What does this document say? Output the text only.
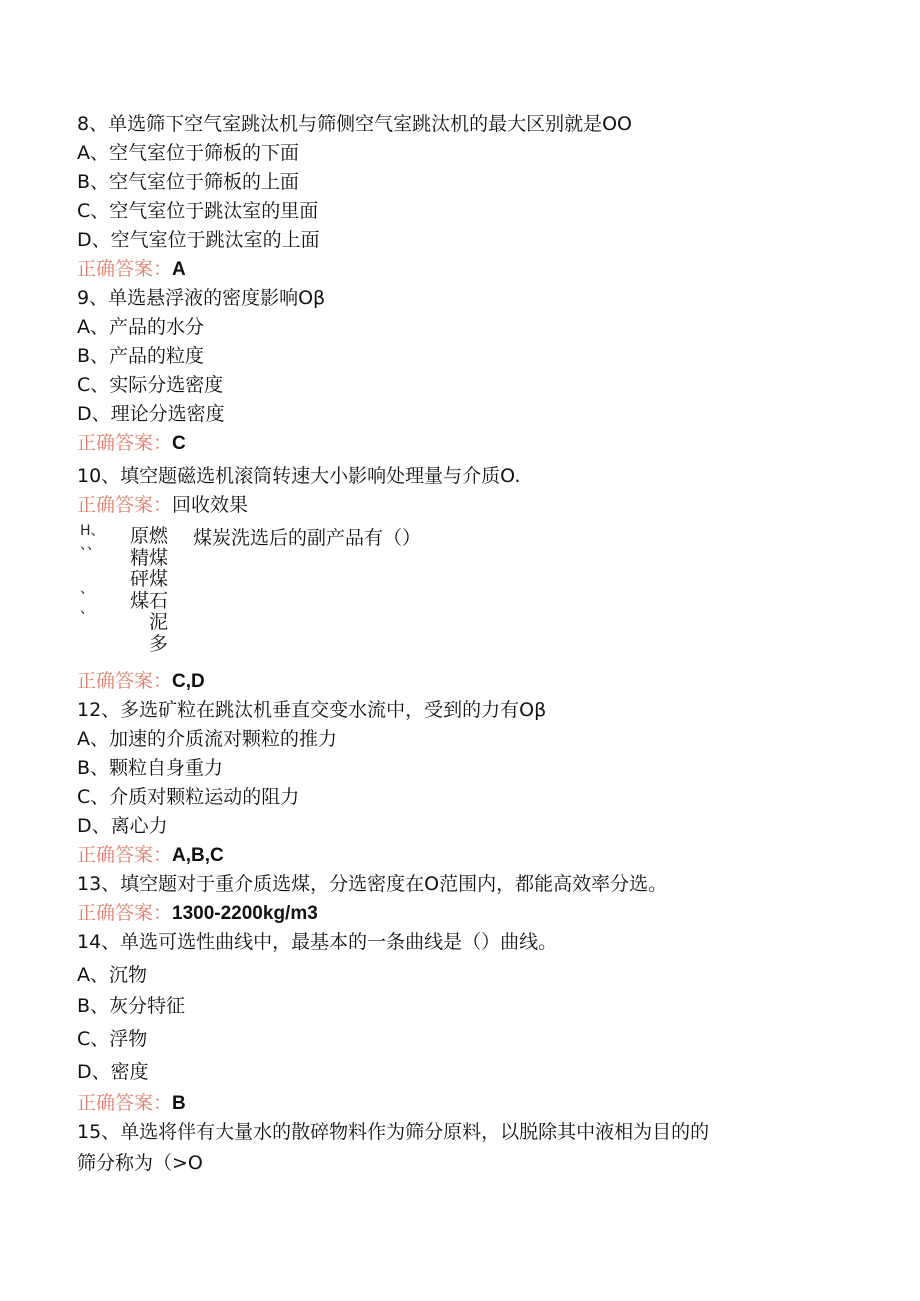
8、单选筛下空气室跳汰机与筛侧空气室跳汰机的最大区别就是OO
A、空气室位于筛板的下面
B、空气室位于筛板的上面
C、空气室位于跳汰室的里面
D、空气室位于跳汰室的上面
正确答案：A
9、单选悬浮液的密度影响Oβ
A、产品的水分
B、产品的粒度
C、实际分选密度
D、理论分选密度
正确答案：C
10、填空题磁选机滚筒转速大小影响处理量与介质O.
正确答案：回收效果
H、
、、
、
、
原燃
精煤
砰煤
煤石
泥
多
煤炭洗选后的副产品有（）
正确答案：C,D
12、多选矿粒在跳汰机垂直交变水流中，受到的力有Oβ
A、加速的介质流对颗粒的推力
B、颗粒自身重力
C、介质对颗粒运动的阻力
D、离心力
正确答案：A,B,C
13、填空题对于重介质选煤，分选密度在O范围内，都能高效率分选。
正确答案：1300-2200kg/m3
14、单选可选性曲线中，最基本的一条曲线是（）曲线。
A、沉物
B、灰分特征
C、浮物
D、密度
正确答案：B
15、单选将伴有大量水的散碎物料作为筛分原料，以脱除其中液相为目的的
筛分称为（>O
